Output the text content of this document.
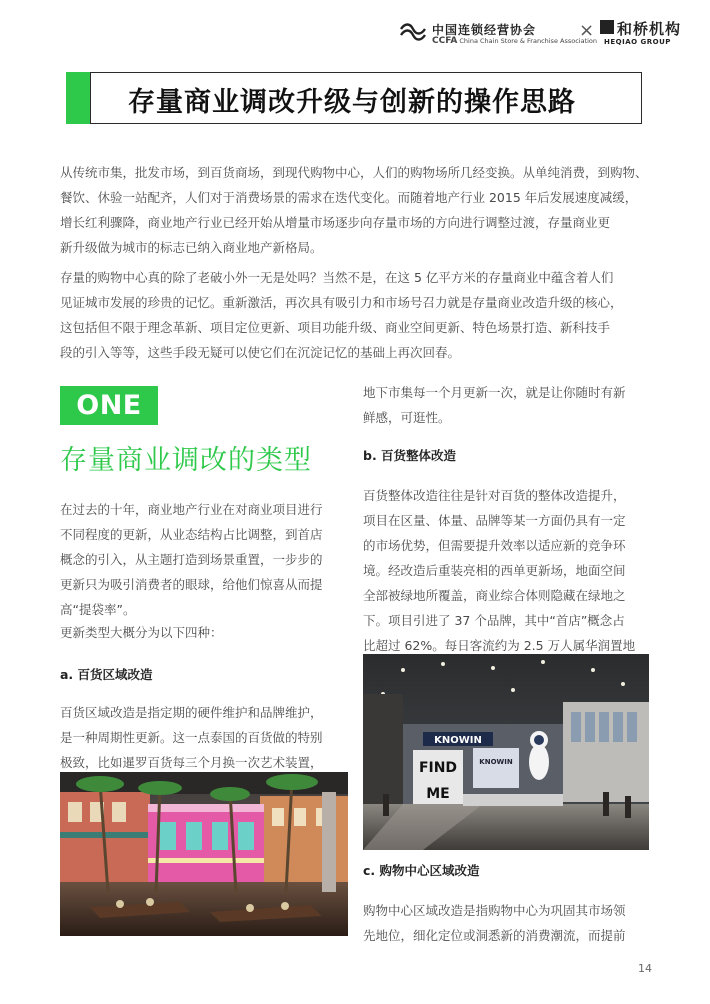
中国连锁经营协会
CCFA China Chain Store & Franchise Association
× 和桥机构
HEQIAO GROUP
存量商业调改升级与创新的操作思路
从传统市集，批发市场，到百货商场，到现代购物中心，人们的购物场所几经变换。从单纯消费，到购物、
餐饮、休验一站配齐，人们对于消费场景的需求在迭代变化。而随着地产行业 2015 年后发展速度减缓，
增长红利骤降，商业地产行业已经开始从增量市场逐步向存量市场的方向进行调整过渡，存量商业更
新升级做为城市的标志已纳入商业地产新格局。
存量的购物中心真的除了老破小外一无是处吗？当然不是，在这 5 亿平方米的存量商业中蕴含着人们
见证城市发展的珍贵的记忆。重新激活，再次具有吸引力和市场号召力就是存量商业改造升级的核心，
这包括但不限于理念革新、项目定位更新、项目功能升级、商业空间更新、特色场景打造、新科技手
段的引入等等，这些手段无疑可以使它们在沉淀记忆的基础上再次回春。
ONE
存量商业调改的类型
在过去的十年，商业地产行业在对商业项目进行
不同程度的更新，从业态结构占比调整，到首店
概念的引入，从主题打造到场景重置，一步步的
更新只为吸引消费者的眼球，给他们惊喜从而提
高“提袋率”。
更新类型大概分为以下四种：
a. 百货区域改造
百货区域改造是指定期的硬件维护和品牌维护，
是一种周期性更新。这一点泰国的百货做的特别
极致，比如暹罗百货每三个月换一次艺术装置，
地下市集每一个月更新一次，就是让你随时有新
鲜感，可逛性。
b. 百货整体改造
百货整体改造往往是针对百货的整体改造提升，
项目在区量、体量、品牌等某一方面仍具有一定
的市场优势，但需要提升效率以适应新的竞争环
境。经改造后重装亮相的西单更新场，地面空间
全部被绿地所覆盖，商业综合体则隐藏在绿地之
下。项目引进了 37 个品牌，其中“首店”概念占
比超过 62%。每日客流约为 2.5 万人属华润置地
KNOWIN
FIND
ME
KNOWIN
c. 购物中心区域改造
购物中心区域改造是指购物中心为巩固其市场领
先地位，细化定位或洞悉新的消费潮流，而提前
14
